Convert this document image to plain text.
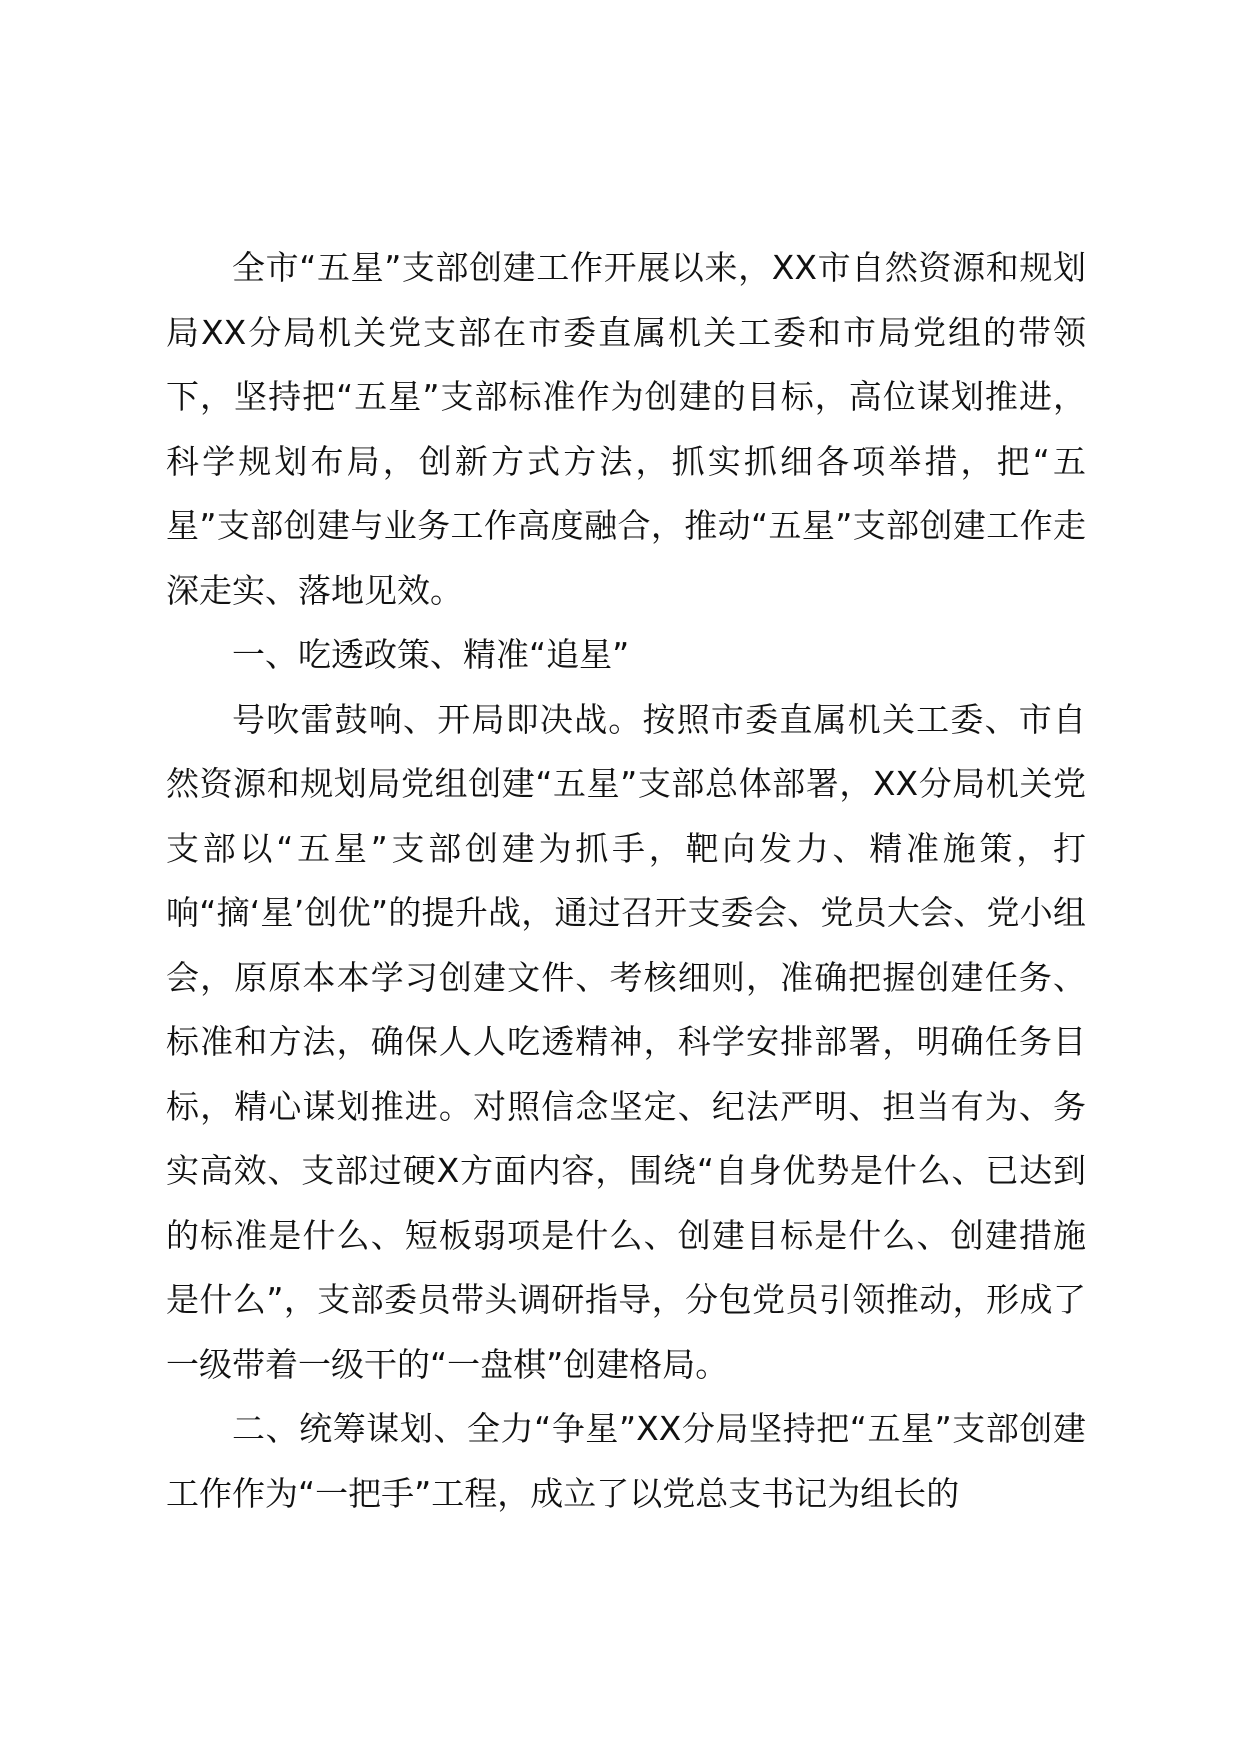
全市“五星”支部创建工作开展以来，XX市自然资源和规划局XX分局机关党支部在市委直属机关工委和市局党组的带领下，坚持把“五星”支部标准作为创建的目标，高位谋划推进，科学规划布局，创新方式方法，抓实抓细各项举措，把“五星”支部创建与业务工作高度融合，推动“五星”支部创建工作走深走实、落地见效。

一、吃透政策、精准“追星”

号吹雷鼓响、开局即决战。按照市委直属机关工委、市自然资源和规划局党组创建“五星”支部总体部署，XX分局机关党支部以“五星”支部创建为抓手，靶向发力、精准施策，打响“摘‘星’创优”的提升战，通过召开支委会、党员大会、党小组会，原原本本学习创建文件、考核细则，准确把握创建任务、标准和方法，确保人人吃透精神，科学安排部署，明确任务目标，精心谋划推进。对照信念坚定、纪法严明、担当有为、务实高效、支部过硬X方面内容，围绕“自身优势是什么、已达到的标准是什么、短板弱项是什么、创建目标是什么、创建措施是什么”，支部委员带头调研指导，分包党员引领推动，形成了一级带着一级干的“一盘棋”创建格局。

二、统筹谋划、全力“争星”XX分局坚持把“五星”支部创建工作作为“一把手”工程，成立了以党总支书记为组长的
